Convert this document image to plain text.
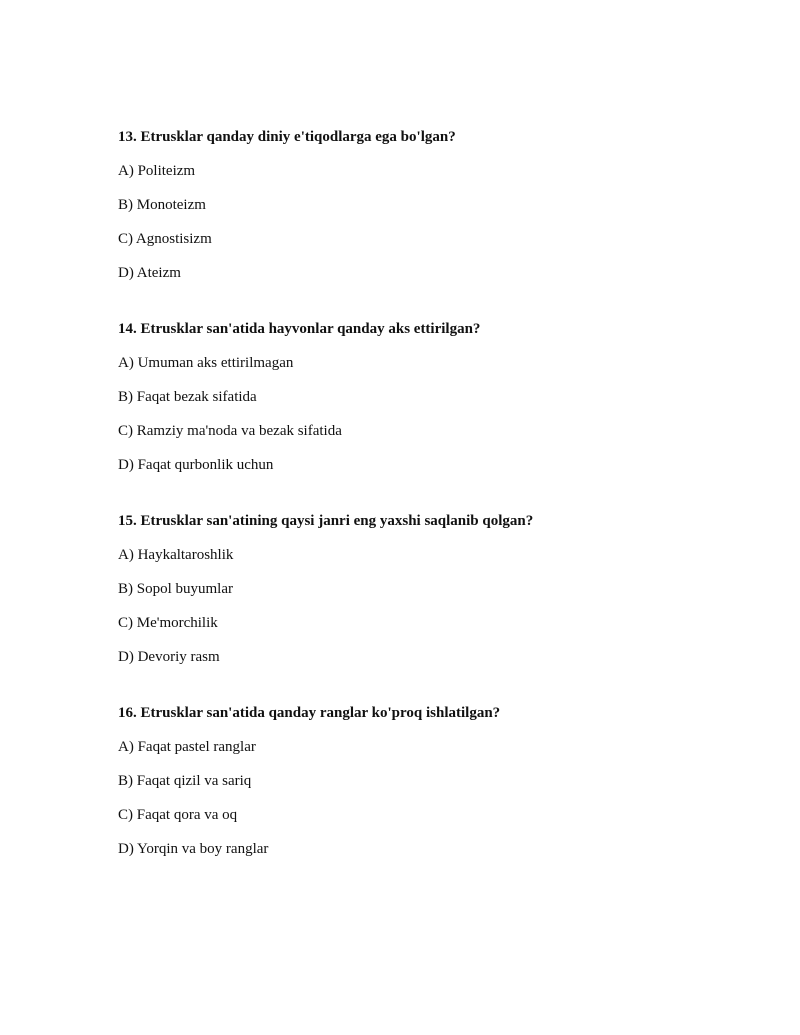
13. Etrusklar qanday diniy e'tiqodlarga ega bo'lgan?
A) Politeizm
B) Monoteizm
C) Agnostisizm
D) Ateizm
14. Etrusklar san'atida hayvonlar qanday aks ettirilgan?
A) Umuman aks ettirilmagan
B) Faqat bezak sifatida
C) Ramziy ma'noda va bezak sifatida
D) Faqat qurbonlik uchun
15. Etrusklar san'atining qaysi janri eng yaxshi saqlanib qolgan?
A) Haykaltaroshlik
B) Sopol buyumlar
C) Me'morchilik
D) Devoriy rasm
16. Etrusklar san'atida qanday ranglar ko'proq ishlatilgan?
A) Faqat pastel ranglar
B) Faqat qizil va sariq
C) Faqat qora va oq
D) Yorqin va boy ranglar
